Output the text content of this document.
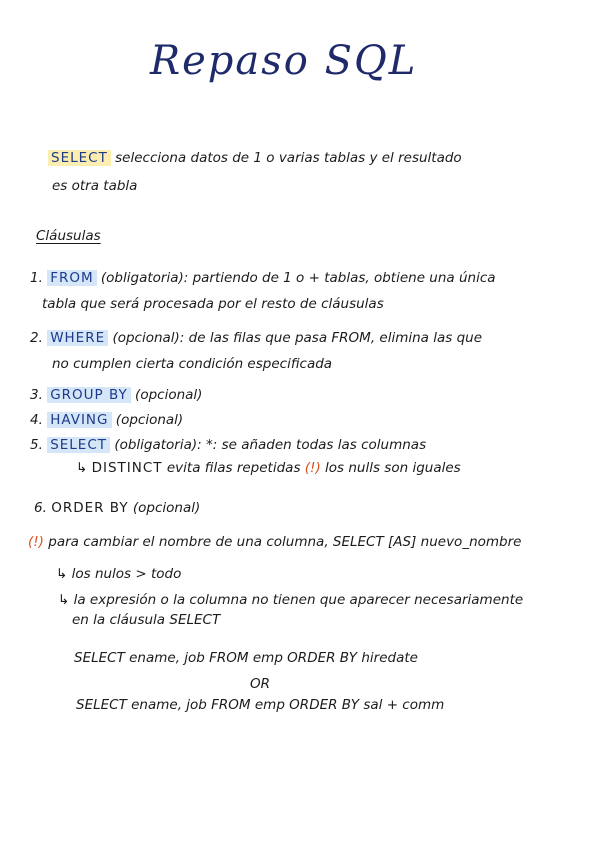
Repaso SQL
SELECT selecciona datos de 1 o varias tablas y el resultado
es otra tabla
Cláusulas
1. FROM (obligatoria): partiendo de 1 o + tablas, obtiene una única
tabla que será procesada por el resto de cláusulas
2. WHERE (opcional): de las filas que pasa FROM, elimina las que
no cumplen cierta condición especificada
3. GROUP BY (opcional)
4. HAVING (opcional)
5. SELECT (obligatoria): *: se añaden todas las columnas
↳ DISTINCT evita filas repetidas (!) los nulls son iguales
6. ORDER BY (opcional)
(!) para cambiar el nombre de una columna, SELECT [AS] nuevo_nombre
↳ los nulos > todo
↳ la expresión o la columna no tienen que aparecer necesariamente
en la cláusula SELECT
SELECT ename, job FROM emp ORDER BY hiredate
OR
SELECT ename, job FROM emp ORDER BY sal + comm
